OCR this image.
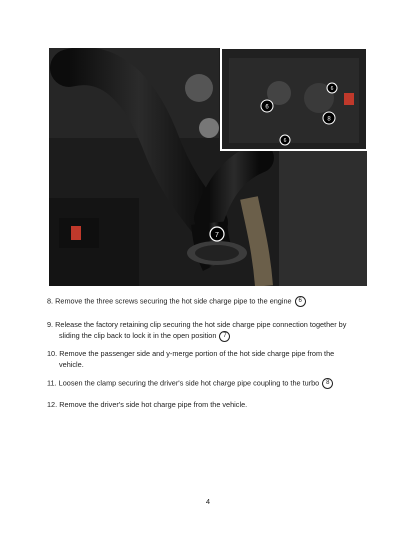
7
6
8
6
6
8. Remove the three screws securing the hot side charge pipe to the engine 6
9. Release the factory retaining clip securing the hot side charge pipe connection together by
sliding the clip back to lock it in the open position 7
10. Remove the passenger side and y-merge portion of the hot side charge pipe from the
vehicle.
11. Loosen the clamp securing the driver's side hot charge pipe coupling to the turbo 8
12. Remove the driver's side hot charge pipe from the vehicle.
4
